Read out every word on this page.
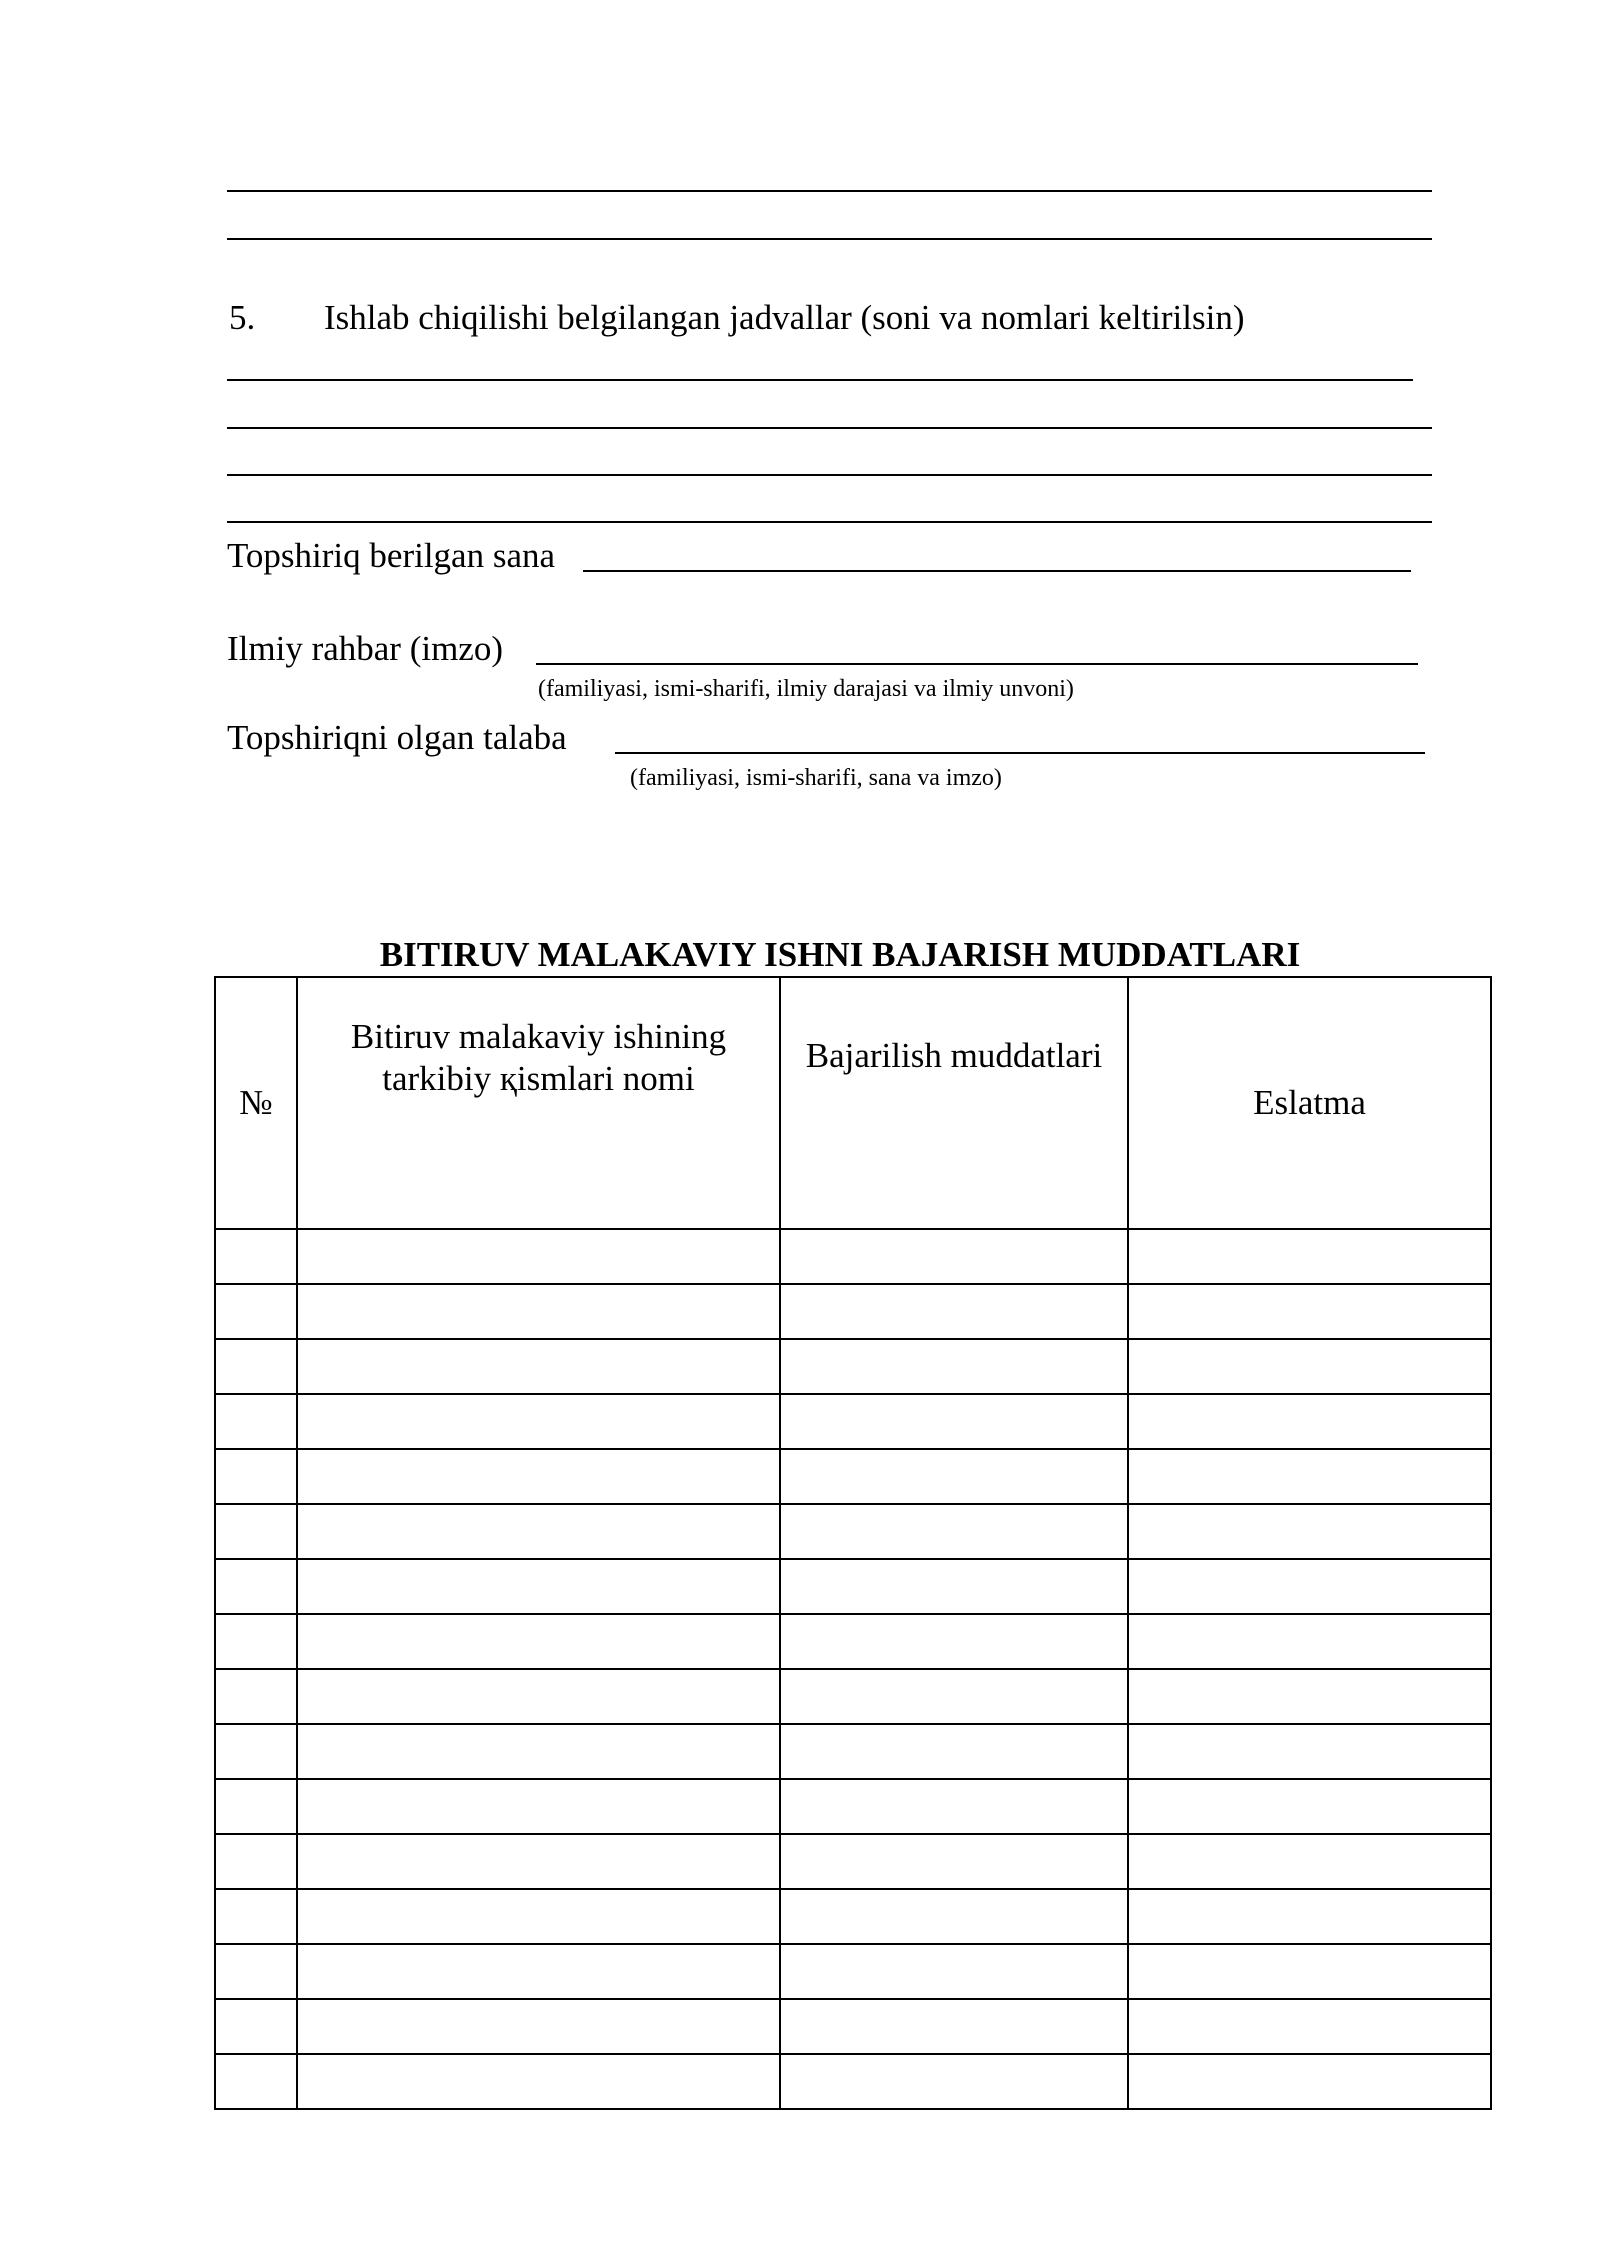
5. Ishlab chiqilishi belgilangan jadvallar (soni va nomlari keltirilsin)
Topshiriq berilgan sana
Ilmiy rahbar (imzo)
(familiyasi, ismi-sharifi, ilmiy darajasi va ilmiy unvoni)
Topshiriqni olgan talaba
(familiyasi, ismi-sharifi, sana va imzo)
BITIRUV MALAKAVIY ISHNI BAJARISH MUDDATLARI
№	Bitiruv malakaviy ishining tarkibiy қismlari nomi	Bajarilish muddatlari	Eslatma
